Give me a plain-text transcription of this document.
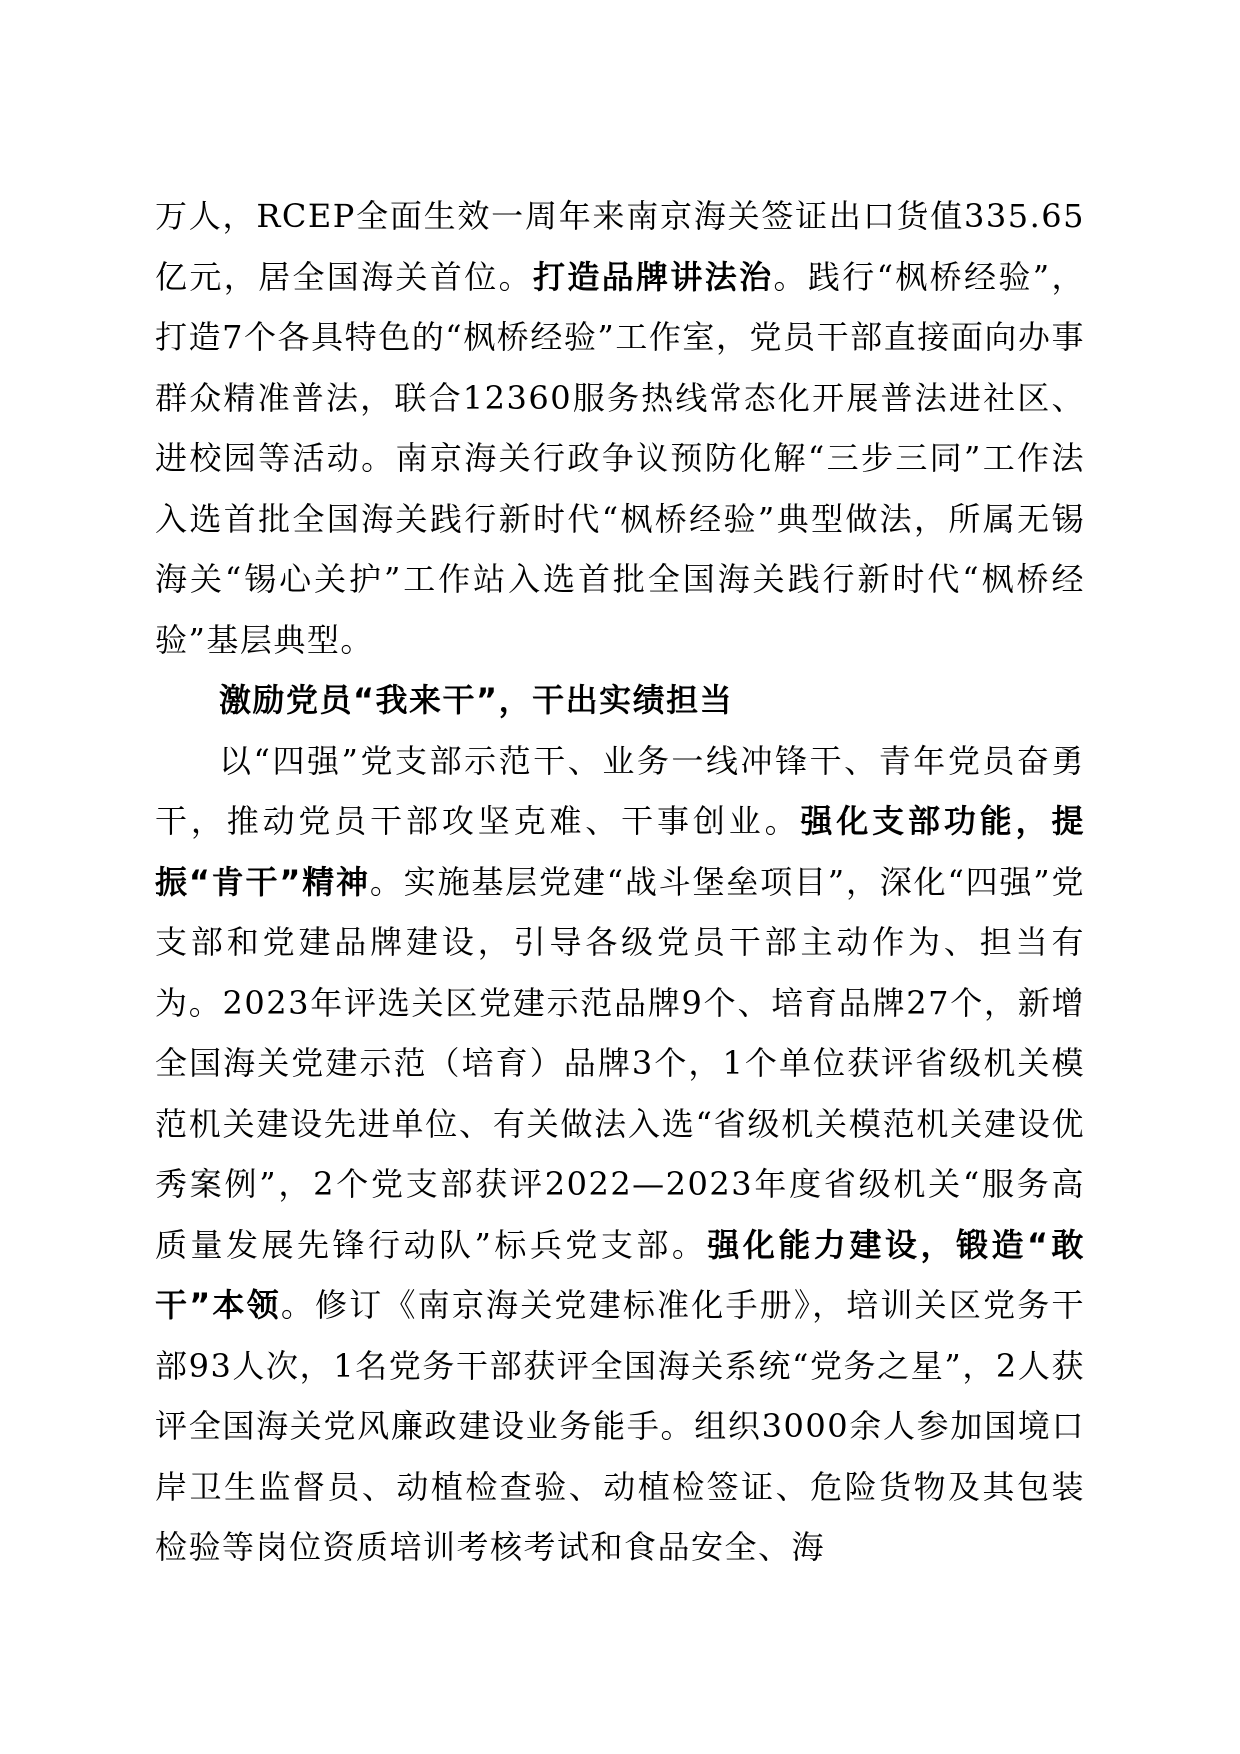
万人，RCEP全面生效一周年来南京海关签证出口货值335.65亿元，居全国海关首位。打造品牌讲法治。践行“枫桥经验”，打造7个各具特色的“枫桥经验”工作室，党员干部直接面向办事群众精准普法，联合12360服务热线常态化开展普法进社区、进校园等活动。南京海关行政争议预防化解“三步三同”工作法入选首批全国海关践行新时代“枫桥经验”典型做法，所属无锡海关“锡心关护”工作站入选首批全国海关践行新时代“枫桥经验”基层典型。

激励党员“我来干”，干出实绩担当

以“四强”党支部示范干、业务一线冲锋干、青年党员奋勇干，推动党员干部攻坚克难、干事创业。强化支部功能，提振“肯干”精神。实施基层党建“战斗堡垒项目”，深化“四强”党支部和党建品牌建设，引导各级党员干部主动作为、担当有为。2023年评选关区党建示范品牌9个、培育品牌27个，新增全国海关党建示范（培育）品牌3个，1个单位获评省级机关模范机关建设先进单位、有关做法入选“省级机关模范机关建设优秀案例”，2个党支部获评2022—2023年度省级机关“服务高质量发展先锋行动队”标兵党支部。强化能力建设，锻造“敢干”本领。修订《南京海关党建标准化手册》，培训关区党务干部93人次，1名党务干部获评全国海关系统“党务之星”，2人获评全国海关党风廉政建设业务能手。组织3000余人参加国境口岸卫生监督员、动植检查验、动植检签证、危险货物及其包装检验等岗位资质培训考核考试和食品安全、海
